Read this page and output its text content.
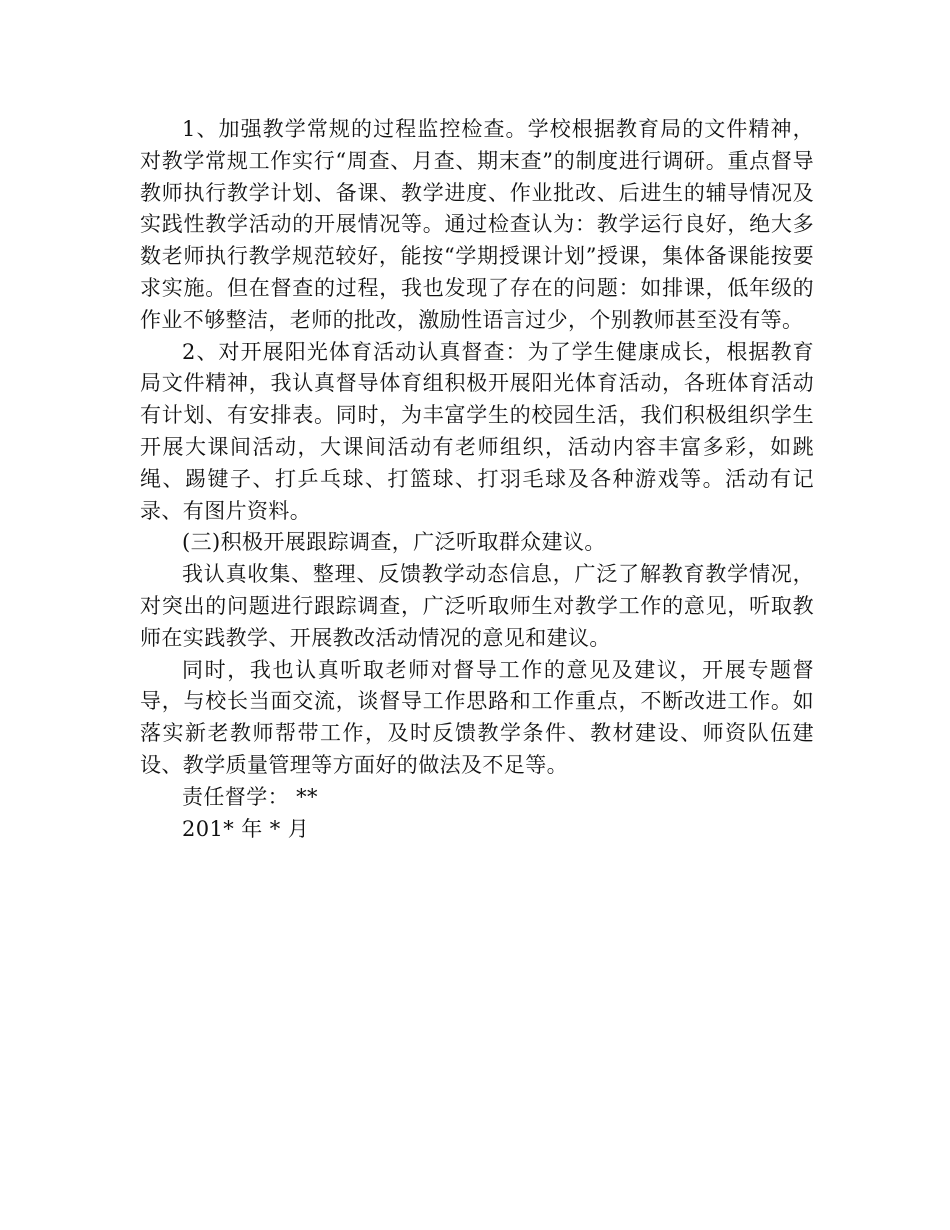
1、加强教学常规的过程监控检查。学校根据教育局的文件精神，对教学常规工作实行“周查、月查、期末查”的制度进行调研。重点督导教师执行教学计划、备课、教学进度、作业批改、后进生的辅导情况及实践性教学活动的开展情况等。通过检查认为：教学运行良好，绝大多数老师执行教学规范较好，能按“学期授课计划”授课，集体备课能按要求实施。但在督查的过程，我也发现了存在的问题：如排课，低年级的作业不够整洁，老师的批改，激励性语言过少，个别教师甚至没有等。

2、对开展阳光体育活动认真督查：为了学生健康成长，根据教育局文件精神，我认真督导体育组积极开展阳光体育活动，各班体育活动有计划、有安排表。同时，为丰富学生的校园生活，我们积极组织学生开展大课间活动，大课间活动有老师组织，活动内容丰富多彩，如跳绳、踢键子、打乒乓球、打篮球、打羽毛球及各种游戏等。活动有记录、有图片资料。

(三)积极开展跟踪调查，广泛听取群众建议。

我认真收集、整理、反馈教学动态信息，广泛了解教育教学情况，对突出的问题进行跟踪调查，广泛听取师生对教学工作的意见，听取教师在实践教学、开展教改活动情况的意见和建议。

同时，我也认真听取老师对督导工作的意见及建议，开展专题督导，与校长当面交流，谈督导工作思路和工作重点，不断改进工作。如落实新老教师帮带工作，及时反馈教学条件、教材建设、师资队伍建设、教学质量管理等方面好的做法及不足等。

责任督学： **

201* 年 * 月
